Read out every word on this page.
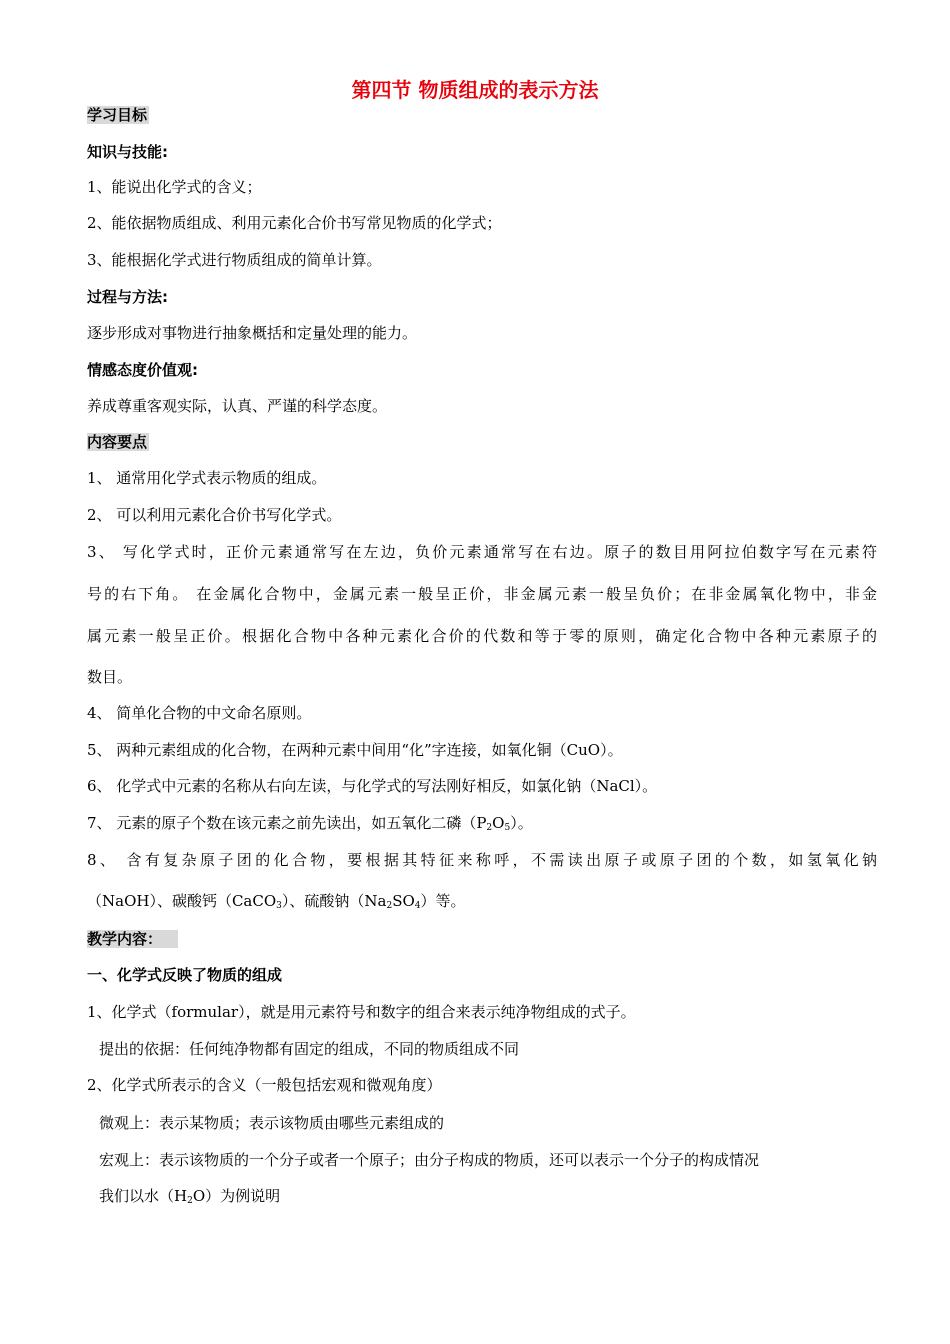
第四节 物质组成的表示方法
学习目标
知识与技能:
1、能说出化学式的含义；
2、能依据物质组成、利用元素化合价书写常见物质的化学式；
3、能根据化学式进行物质组成的简单计算。
过程与方法:
逐步形成对事物进行抽象概括和定量处理的能力。
情感态度价值观:
养成尊重客观实际，认真、严谨的科学态度。
内容要点
1、 通常用化学式表示物质的组成。
2、 可以利用元素化合价书写化学式。
3、 写化学式时，正价元素通常写在左边，负价元素通常写在右边。原子的数目用阿拉伯数字写在元素符
号的右下角。 在金属化合物中，金属元素一般呈正价，非金属元素一般呈负价；在非金属氧化物中，非金
属元素一般呈正价。根据化合物中各种元素化合价的代数和等于零的原则，确定化合物中各种元素原子的
数目。
4、 简单化合物的中文命名原则。
5、 两种元素组成的化合物，在两种元素中间用“化”字连接，如氧化铜（CuO）。
6、 化学式中元素的名称从右向左读，与化学式的写法刚好相反，如氯化钠（NaCl）。
7、 元素的原子个数在该元素之前先读出，如五氧化二磷$(P_2O_5)$。
8、 含有复杂原子团的化合物，要根据其特征来称呼，不需读出原子或原子团的个数，如氢氧化钠
（NaOH）、碳酸钙（CaCO$_3$）、硫酸钠$(Na_2SO_4)$等。
教学内容：
一、化学式反映了物质的组成
1、化学式（formular），就是用元素符号和数字的组合来表示纯净物组成的式子。
提出的依据：任何纯净物都有固定的组成，不同的物质组成不同
2、化学式所表示的含义（一般包括宏观和微观角度）
微观上：表示某物质；表示该物质由哪些元素组成的
宏观上：表示该物质的一个分子或者一个原子；由分子构成的物质，还可以表示一个分子的构成情况
我们以水$(H_2O)$为例说明
